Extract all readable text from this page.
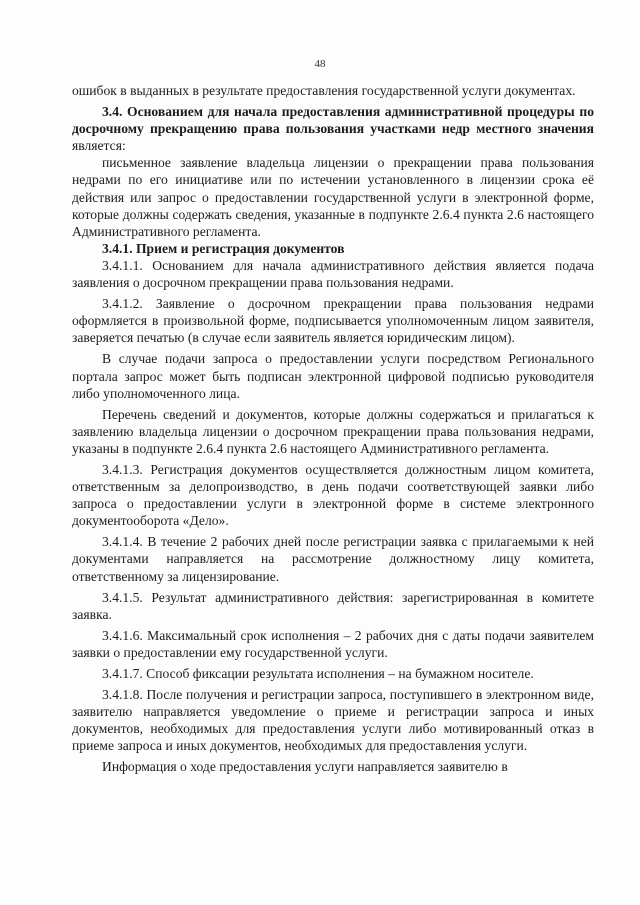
48

ошибок в выданных в результате предоставления государственной услуги документах.

3.4. Основанием для начала предоставления административной процедуры по досрочному прекращению права пользования участками недр местного значения является:

письменное заявление владельца лицензии о прекращении права пользования недрами по его инициативе или по истечении установленного в лицензии срока её действия или запрос о предоставлении государственной услуги в электронной форме, которые должны содержать сведения, указанные в подпункте 2.6.4 пункта 2.6 настоящего Административного регламента.

3.4.1. Прием и регистрация документов

3.4.1.1. Основанием для начала административного действия является подача заявления о досрочном прекращении права пользования недрами.

3.4.1.2. Заявление о досрочном прекращении права пользования недрами оформляется в произвольной форме, подписывается уполномоченным лицом заявителя, заверяется печатью (в случае если заявитель является юридическим лицом).

В случае подачи запроса о предоставлении услуги посредством Регионального портала запрос может быть подписан электронной цифровой подписью руководителя либо уполномоченного лица.

Перечень сведений и документов, которые должны содержаться и прилагаться к заявлению владельца лицензии о досрочном прекращении права пользования недрами, указаны в подпункте 2.6.4 пункта 2.6 настоящего Административного регламента.

3.4.1.3. Регистрация документов осуществляется должностным лицом комитета, ответственным за делопроизводство, в день подачи соответствующей заявки либо запроса о предоставлении услуги в электронной форме в системе электронного документооборота «Дело».

3.4.1.4. В течение 2 рабочих дней после регистрации заявка с прилагаемыми к ней документами направляется на рассмотрение должностному лицу комитета, ответственному за лицензирование.

3.4.1.5. Результат административного действия: зарегистрированная в комитете заявка.

3.4.1.6. Максимальный срок исполнения – 2 рабочих дня с даты подачи заявителем заявки о предоставлении ему государственной услуги.

3.4.1.7. Способ фиксации результата исполнения – на бумажном носителе.

3.4.1.8. После получения и регистрации запроса, поступившего в электронном виде, заявителю направляется уведомление о приеме и регистрации запроса и иных документов, необходимых для предоставления услуги либо мотивированный отказ в приеме запроса и иных документов, необходимых для предоставления услуги.

Информация о ходе предоставления услуги направляется заявителю в
